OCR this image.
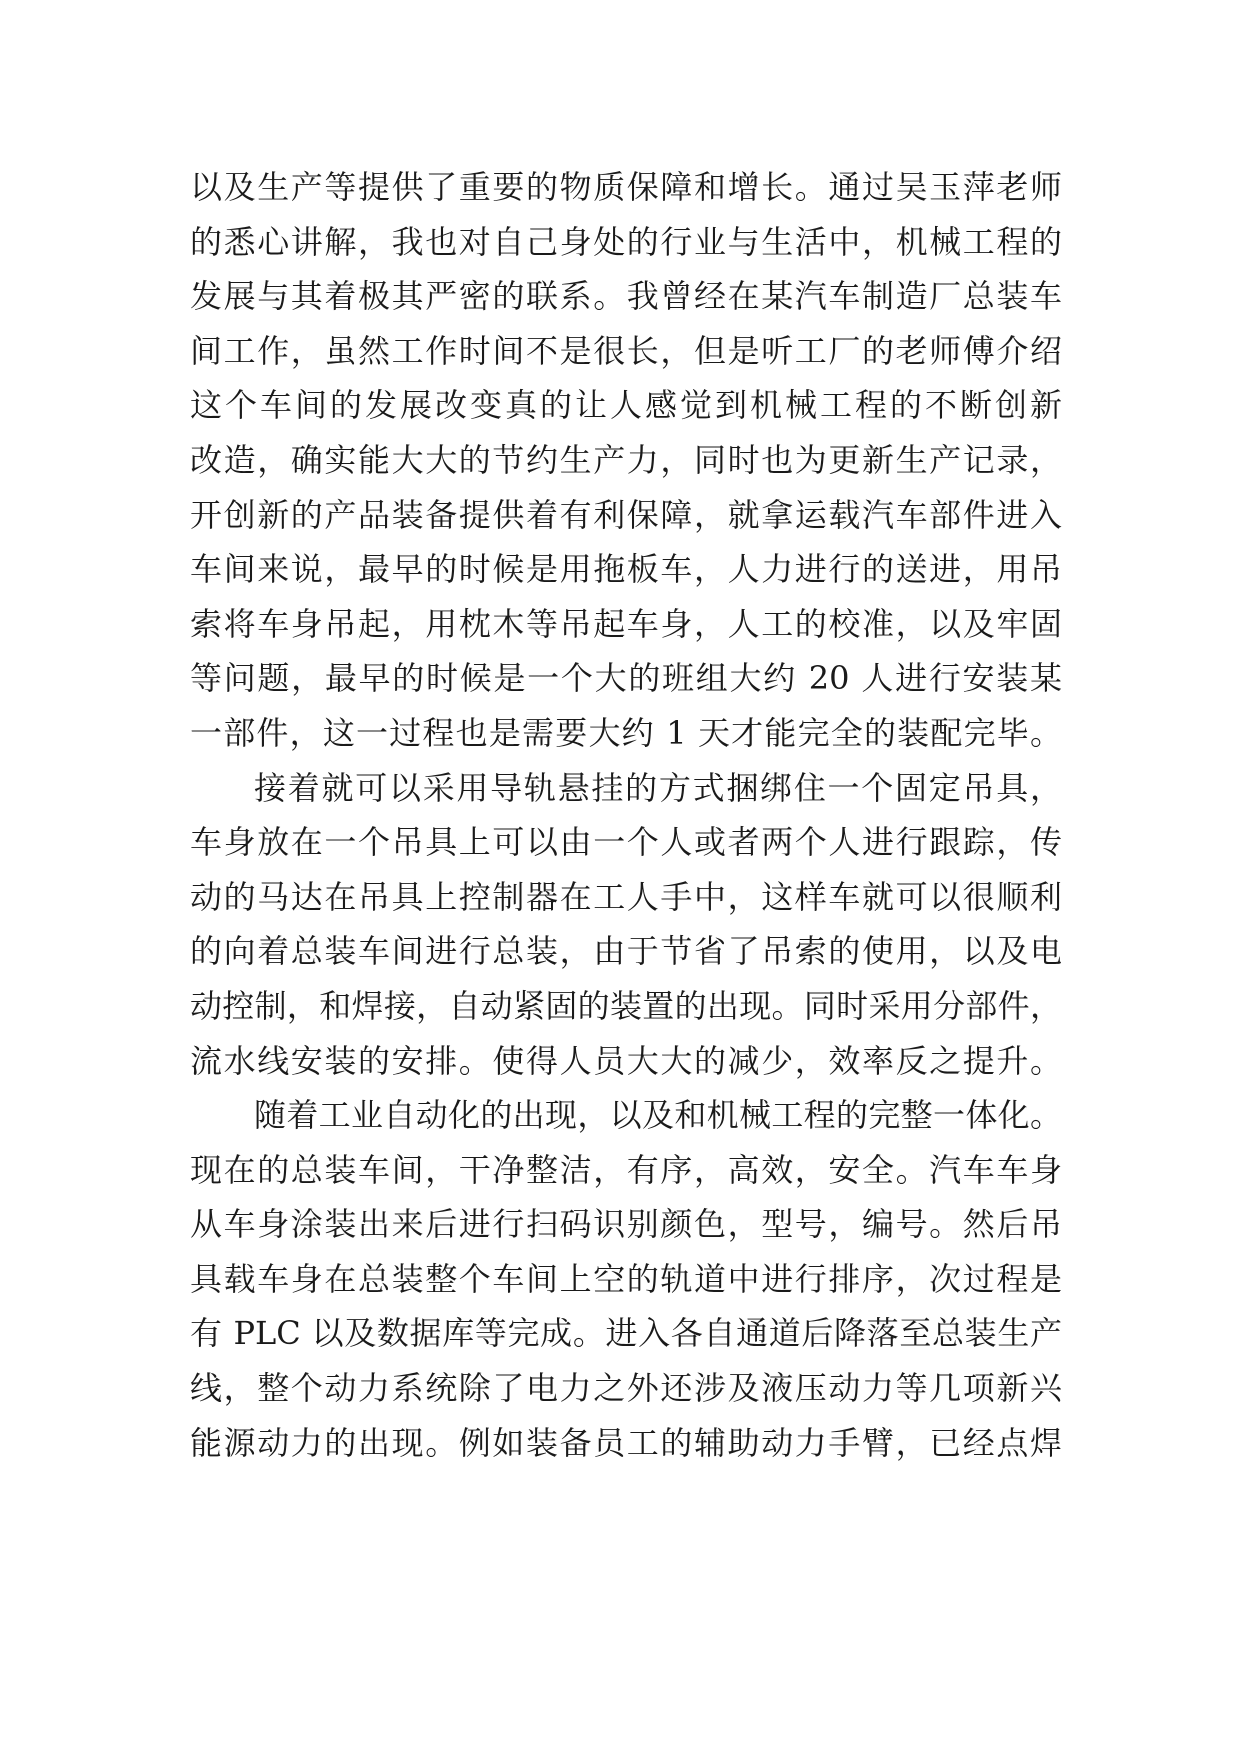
以及生产等提供了重要的物质保障和增长。通过吴玉萍老师
的悉心讲解，我也对自己身处的行业与生活中，机械工程的
发展与其着极其严密的联系。我曾经在某汽车制造厂总装车
间工作，虽然工作时间不是很长，但是听工厂的老师傅介绍
这个车间的发展改变真的让人感觉到机械工程的不断创新
改造，确实能大大的节约生产力，同时也为更新生产记录，
开创新的产品装备提供着有利保障，就拿运载汽车部件进入
车间来说，最早的时候是用拖板车，人力进行的送进，用吊
索将车身吊起，用枕木等吊起车身，人工的校准，以及牢固
等问题，最早的时候是一个大的班组大约 20 人进行安装某
一部件，这一过程也是需要大约 1 天才能完全的装配完毕。
接着就可以采用导轨悬挂的方式捆绑住一个固定吊具，
车身放在一个吊具上可以由一个人或者两个人进行跟踪，传
动的马达在吊具上控制器在工人手中，这样车就可以很顺利
的向着总装车间进行总装，由于节省了吊索的使用，以及电
动控制，和焊接，自动紧固的装置的出现。同时采用分部件，
流水线安装的安排。使得人员大大的减少，效率反之提升。
随着工业自动化的出现，以及和机械工程的完整一体化。
现在的总装车间，干净整洁，有序，高效，安全。汽车车身
从车身涂装出来后进行扫码识别颜色，型号，编号。然后吊
具载车身在总装整个车间上空的轨道中进行排序，次过程是
有 PLC 以及数据库等完成。进入各自通道后降落至总装生产
线，整个动力系统除了电力之外还涉及液压动力等几项新兴
能源动力的出现。例如装备员工的辅助动力手臂，已经点焊
